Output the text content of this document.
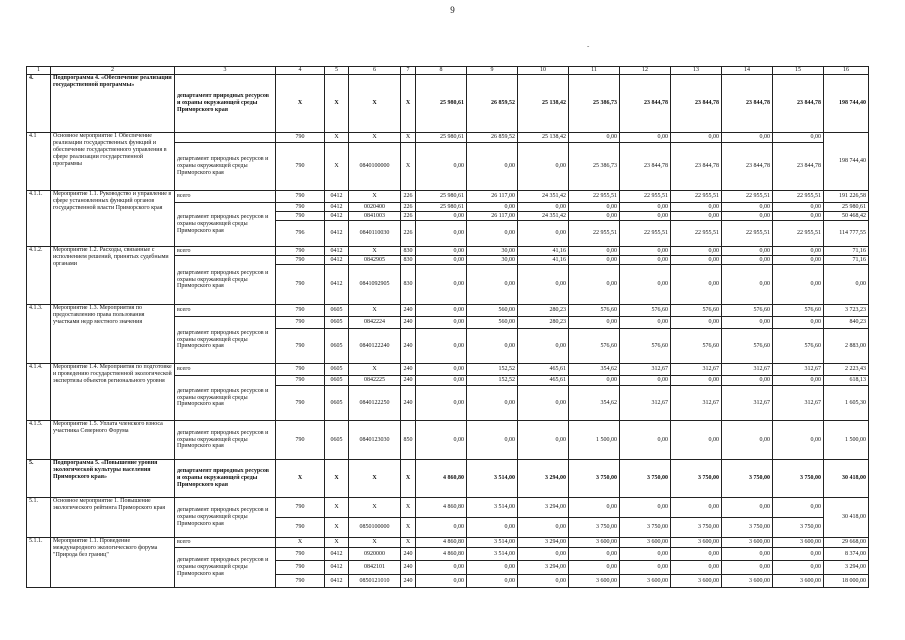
9
-
1	2	3	4	5	6	7	8	9	10	11	12	13	14	15	16
4.	Подпрограмма 4. «Обеспечение реализации государственной программы»	департамент природных ресурсов и охраны окружающей среды Приморского края	X	X	X	X	25 980,61	26 859,52	25 138,42	25 386,73	23 844,78	23 844,78	23 844,78	23 844,78	198 744,40
4.1	Основное мероприятие 1 Обеспечение реализации государственных функций и обеспечение государственного управления в сфере реализации государственной программы		790	X	X	X	25 980,61	26 859,52	25 138,42	0,00	0,00	0,00	0,00	0,00	198 744,40
		департамент природных ресурсов и охраны окружающей среды Приморского края	790	X	0840100000	X	0,00	0,00	0,00	25 386,73	23 844,78	23 844,78	23 844,78	23 844,78	
4.1.1.	Мероприятие 1.1. Руководство и управление в сфере установленных функций органов государственной власти Приморского края	всего	790	0412	X	226	25 980,61	26 117,00	24 351,42	22 955,51	22 955,51	22 955,51	22 955,51	22 955,51	191 226,58
		департамент природных ресурсов и охраны окружающей среды Приморского края	790	0412	0020400	226	25 980,61	0,00	0,00	0,00	0,00	0,00	0,00	0,00	25 980,61
			790	0412	0841003	226	0,00	26 117,00	24 351,42	0,00	0,00	0,00	0,00	0,00	50 468,42
			796	0412	0840110030	226	0,00	0,00	0,00	22 955,51	22 955,51	22 955,51	22 955,51	22 955,51	114 777,55
4.1.2.	Мероприятие 1.2. Расходы, связанные с исполнением решений, принятых судебными органами	всего	790	0412	X	830	0,00	30,00	41,16	0,00	0,00	0,00	0,00	0,00	71,16
		департамент природных ресурсов и охраны окружающей среды Приморского края	790	0412	0842905	830	0,00	30,00	41,16	0,00	0,00	0,00	0,00	0,00	71,16
			790	0412	0841092905	830	0,00	0,00	0,00	0,00	0,00	0,00	0,00	0,00	0,00
4.1.3.	Мероприятие 1.3. Мероприятия по предоставлению права пользования участками недр местного значения	всего	790	0605	X	240	0,00	560,00	280,23	576,60	576,60	576,60	576,60	576,60	3 723,23
		департамент природных ресурсов и охраны окружающей среды Приморского края	790	0605	0842224	240	0,00	560,00	280,23	0,00	0,00	0,00	0,00	0,00	840,23
			790	0605	0840122240	240	0,00	0,00	0,00	576,60	576,60	576,60	576,60	576,60	2 883,00
4.1.4.	Мероприятие 1.4. Мероприятия по подготовке и проведению государственной экологической экспертизы объектов регионального уровня	всего	790	0605	X	240	0,00	152,52	465,61	354,62	312,67	312,67	312,67	312,67	2 223,43
		департамент природных ресурсов и охраны окружающей среды Приморского края	790	0605	0842225	240	0,00	152,52	465,61	0,00	0,00	0,00	0,00	0,00	618,13
			790	0605	0840122250	240	0,00	0,00	0,00	354,62	312,67	312,67	312,67	312,67	1 605,30
4.1.5.	Мероприятие 1.5. Уплата членского взноса участника Северного Форума	департамент природных ресурсов и охраны окружающей среды Приморского края	790	0605	0840123030	850	0,00	0,00	0,00	1 500,00	0,00	0,00	0,00	0,00	1 500,00
5.	Подпрограмма 5. «Повышение уровня экологической культуры населения Приморского края»	департамент природных ресурсов и охраны окружающей среды Приморского края	X	X	X	X	4 860,80	3 514,00	3 294,00	3 750,00	3 750,00	3 750,00	3 750,00	3 750,00	30 418,00
5.1.	Основное мероприятие 1. Повышение экологического рейтинга Приморского края	департамент природных ресурсов и охраны окружающей среды Приморского края	790	X	X	X	4 860,80	3 514,00	3 294,00	0,00	0,00	0,00	0,00	0,00	30 418,00
			790	X	0850100000	X	0,00	0,00	0,00	3 750,00	3 750,00	3 750,00	3 750,00	3 750,00	
5.1.1.	Мероприятие 1.1. Проведение международного экологического форума "Природа без границ"	всего	X	X	X	X	4 860,80	3 514,00	3 294,00	3 600,00	3 600,00	3 600,00	3 600,00	3 600,00	29 668,00
		департамент природных ресурсов и охраны окружающей среды Приморского края	790	0412	0920000	240	4 860,80	3 514,00	0,00	0,00	0,00	0,00	0,00	0,00	8 374,00
			790	0412	0842101	240	0,00	0,00	3 294,00	0,00	0,00	0,00	0,00	0,00	3 294,00
			790	0412	0850121010	240	0,00	0,00	0,00	3 600,00	3 600,00	3 600,00	3 600,00	3 600,00	18 000,00
